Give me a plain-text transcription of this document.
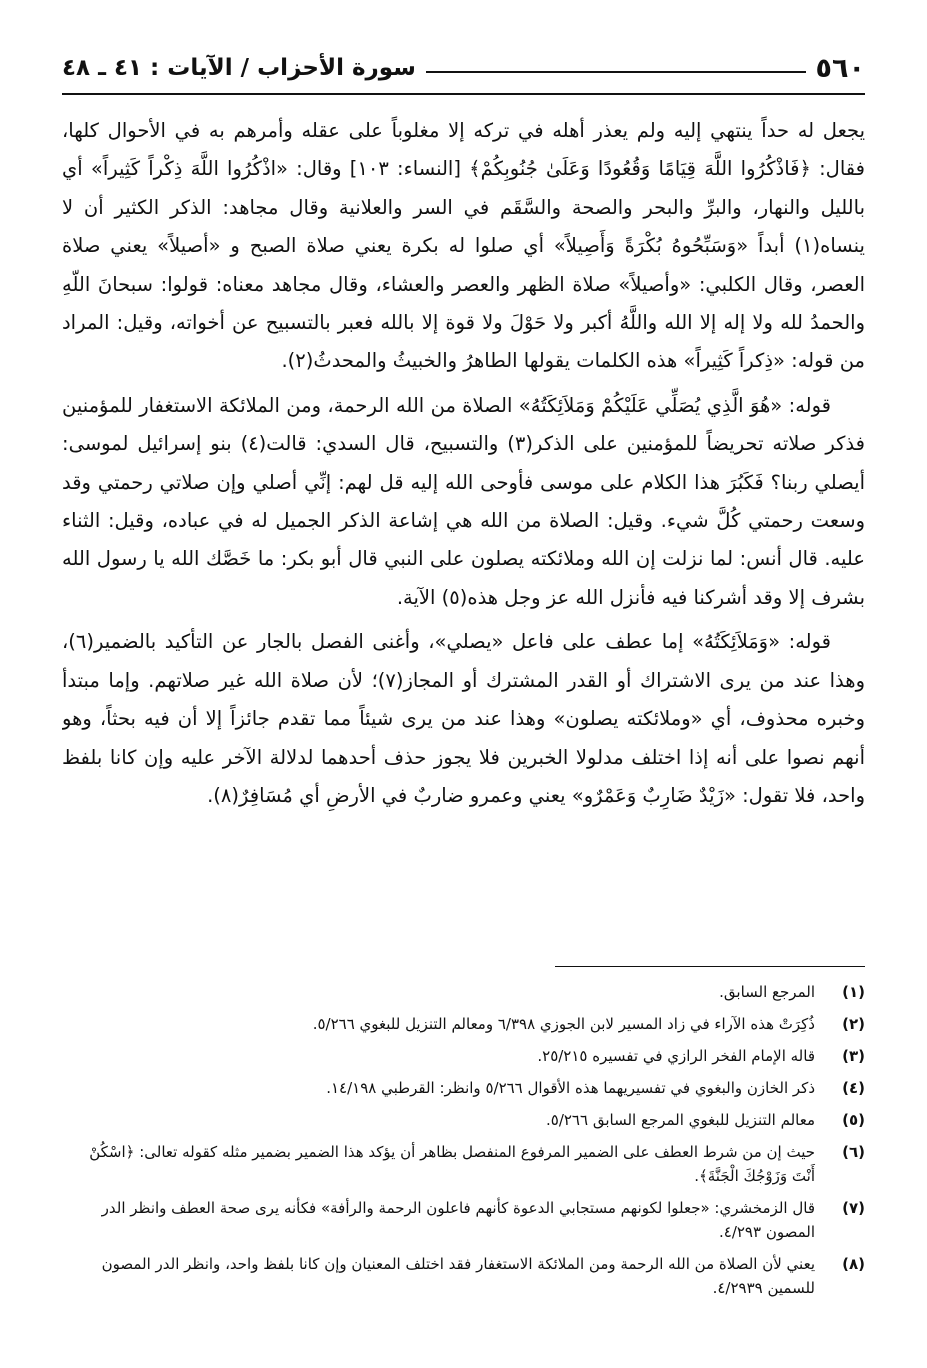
٥٦٠
سورة الأحزاب / الآيات : ٤١ ـ ٤٨

يجعل له حداً ينتهي إليه ولم يعذر أهله في تركه إلا مغلوباً على عقله وأمرهم به في الأحوال كلها، فقال: ﴿فَاذْكُرُوا اللَّهَ قِيَامًا وَقُعُودًا وَعَلَىٰ جُنُوبِكُمْ﴾ [النساء: ١٠٣] وقال: «اذْكُرُوا اللَّهَ ذِكْراً كَثِيراً» أي بالليل والنهار، والبرِّ والبحر والصحة والسَّقَم في السر والعلانية وقال مجاهد: الذكر الكثير أن لا ينساه(١) أبداً «وَسَبِّحُوهُ بُكْرَةً وَأَصِيلاً» أي صلوا له بكرة يعني صلاة الصبح و «أصيلاً» يعني صلاة العصر، وقال الكلبي: «وأصيلاً» صلاة الظهر والعصر والعشاء، وقال مجاهد معناه: قولوا: سبحانَ اللّهِ والحمدُ لله ولا إله إلا الله واللَّهُ أكبر ولا حَوْلَ ولا قوة إلا بالله فعبر بالتسبيح عن أخواته، وقيل: المراد من قوله: «ذِكراً كَثِيراً» هذه الكلمات يقولها الطاهرُ والخبيثُ والمحدثُ(٢).

قوله: «هُوَ الَّذِي يُصَلِّي عَلَيْكُمْ وَمَلاَئِكَتُهُ» الصلاة من الله الرحمة، ومن الملائكة الاستغفار للمؤمنين فذكر صلاته تحريضاً للمؤمنين على الذكر(٣) والتسبيح، قال السدي: قالت(٤) بنو إسرائيل لموسى: أيصلي ربنا؟ فَكَبُرَ هذا الكلام على موسى فأوحى الله إليه قل لهم: إنِّي أصلي وإن صلاتي رحمتي وقد وسعت رحمتي كُلَّ شيء. وقيل: الصلاة من الله هي إشاعة الذكر الجميل له في عباده، وقيل: الثناء عليه. قال أنس: لما نزلت إن الله وملائكته يصلون على النبي قال أبو بكر: ما خَصَّك الله يا رسول الله بشرف إلا وقد أشركنا فيه فأنزل الله عز وجل هذه(٥) الآية.

قوله: «وَمَلاَئِكَتُهُ» إما عطف على فاعل «يصلي»، وأغنى الفصل بالجار عن التأكيد بالضمير(٦)، وهذا عند من يرى الاشتراك أو القدر المشترك أو المجاز(٧)؛ لأن صلاة الله غير صلاتهم. وإما مبتدأ وخبره محذوف، أي «وملائكته يصلون» وهذا عند من يرى شيئاً مما تقدم جائزاً إلا أن فيه بحثاً، وهو أنهم نصوا على أنه إذا اختلف مدلولا الخبرين فلا يجوز حذف أحدهما لدلالة الآخر عليه وإن كانا بلفظ واحد، فلا تقول: «زَيْدٌ ضَارِبٌ وَعَمْرٌو» يعني وعمرو ضاربٌ في الأرضِ أي مُسَافِرٌ(٨).

(١)
المرجع السابق.
(٢)
ذُكِرَتْ هذه الآراء في زاد المسير لابن الجوزي ٦/٣٩٨ ومعالم التنزيل للبغوي ٥/٢٦٦.
(٣)
قاله الإمام الفخر الرازي في تفسيره ٢٥/٢١٥.
(٤)
ذكر الخازن والبغوي في تفسيريهما هذه الأقوال ٥/٢٦٦ وانظر: القرطبي ١٤/١٩٨.
(٥)
معالم التنزيل للبغوي المرجع السابق ٥/٢٦٦.
(٦)
حيث إن من شرط العطف على الضمير المرفوع المنفصل بظاهر أن يؤكد هذا الضمير بضمير مثله كقوله تعالى: ﴿اسْكُنْ أَنْتَ وَزَوْجُكَ الْجَنَّةَ﴾.
(٧)
قال الزمخشري: «جعلوا لكونهم مستجابي الدعوة كأنهم فاعلون الرحمة والرأفة» فكأنه يرى صحة العطف وانظر الدر المصون ٤/٢٩٣.
(٨)
يعني لأن الصلاة من الله الرحمة ومن الملائكة الاستغفار فقد اختلف المعنيان وإن كانا بلفظ واحد، وانظر الدر المصون للسمين ٤/٢٩٣٩.
